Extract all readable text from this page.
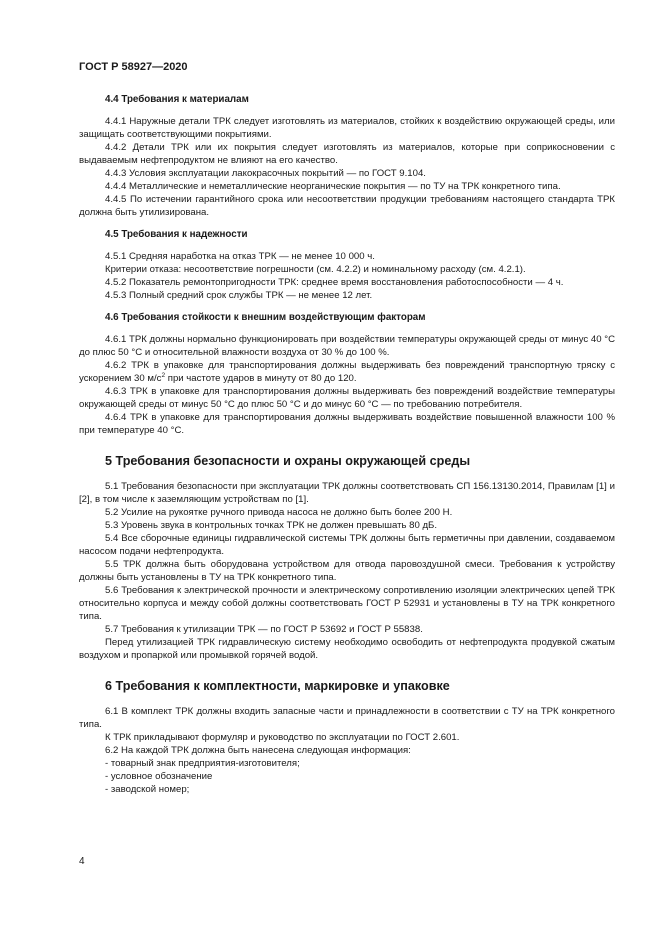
ГОСТ Р 58927—2020
4.4 Требования к материалам

4.4.1 Наружные детали ТРК следует изготовлять из материалов, стойких к воздействию окружающей среды, или защищать соответствующими покрытиями.

4.4.2 Детали ТРК или их покрытия следует изготовлять из материалов, которые при соприкосновении с выдаваемым нефтепродуктом не влияют на его качество.

4.4.3 Условия эксплуатации лакокрасочных покрытий — по ГОСТ 9.104.

4.4.4 Металлические и неметаллические неорганические покрытия — по ТУ на ТРК конкретного типа.

4.4.5 По истечении гарантийного срока или несоответствии продукции требованиям настоящего стандарта ТРК должна быть утилизирована.

4.5 Требования к надежности

4.5.1 Средняя наработка на отказ ТРК — не менее 10 000 ч.

Критерии отказа: несоответствие погрешности (см. 4.2.2) и номинальному расходу (см. 4.2.1).

4.5.2 Показатель ремонтопригодности ТРК: среднее время восстановления работоспособности — 4 ч.

4.5.3 Полный средний срок службы ТРК — не менее 12 лет.

4.6 Требования стойкости к внешним воздействующим факторам

4.6.1 ТРК должны нормально функционировать при воздействии температуры окружающей среды от минус 40 °С до плюс 50 °С и относительной влажности воздуха от 30 % до 100 %.

4.6.2 ТРК в упаковке для транспортирования должны выдерживать без повреждений транспортную тряску с ускорением 30 $м/с^2$ при частоте ударов в минуту от 80 до 120.

4.6.3 ТРК в упаковке для транспортирования должны выдерживать без повреждений воздействие температуры окружающей среды от минус 50 °С до плюс 50 °С и до минус 60 °С — по требованию потребителя.

4.6.4 ТРК в упаковке для транспортирования должны выдерживать воздействие повышенной влажности 100 % при температуре 40 °С.

5 Требования безопасности и охраны окружающей среды

5.1 Требования безопасности при эксплуатации ТРК должны соответствовать СП 156.13130.2014, Правилам [1] и [2], в том числе к заземляющим устройствам по [1].

5.2 Усилие на рукоятке ручного привода насоса не должно быть более 200 Н.

5.3 Уровень звука в контрольных точках ТРК не должен превышать 80 дБ.

5.4 Все сборочные единицы гидравлической системы ТРК должны быть герметичны при давлении, создаваемом насосом подачи нефтепродукта.

5.5 ТРК должна быть оборудована устройством для отвода паровоздушной смеси. Требования к устройству должны быть установлены в ТУ на ТРК конкретного типа.

5.6 Требования к электрической прочности и электрическому сопротивлению изоляции электрических цепей ТРК относительно корпуса и между собой должны соответствовать ГОСТ Р 52931 и установлены в ТУ на ТРК конкретного типа.

5.7 Требования к утилизации ТРК — по ГОСТ Р 53692 и ГОСТ Р 55838.

Перед утилизацией ТРК гидравлическую систему необходимо освободить от нефтепродукта продувкой сжатым воздухом и пропаркой или промывкой горячей водой.

6 Требования к комплектности, маркировке и упаковке

6.1 В комплект ТРК должны входить запасные части и принадлежности в соответствии с ТУ на ТРК конкретного типа.

К ТРК прикладывают формуляр и руководство по эксплуатации по ГОСТ 2.601.

6.2 На каждой ТРК должна быть нанесена следующая информация:

- товарный знак предприятия-изготовителя;

- условное обозначение

- заводской номер;

4
